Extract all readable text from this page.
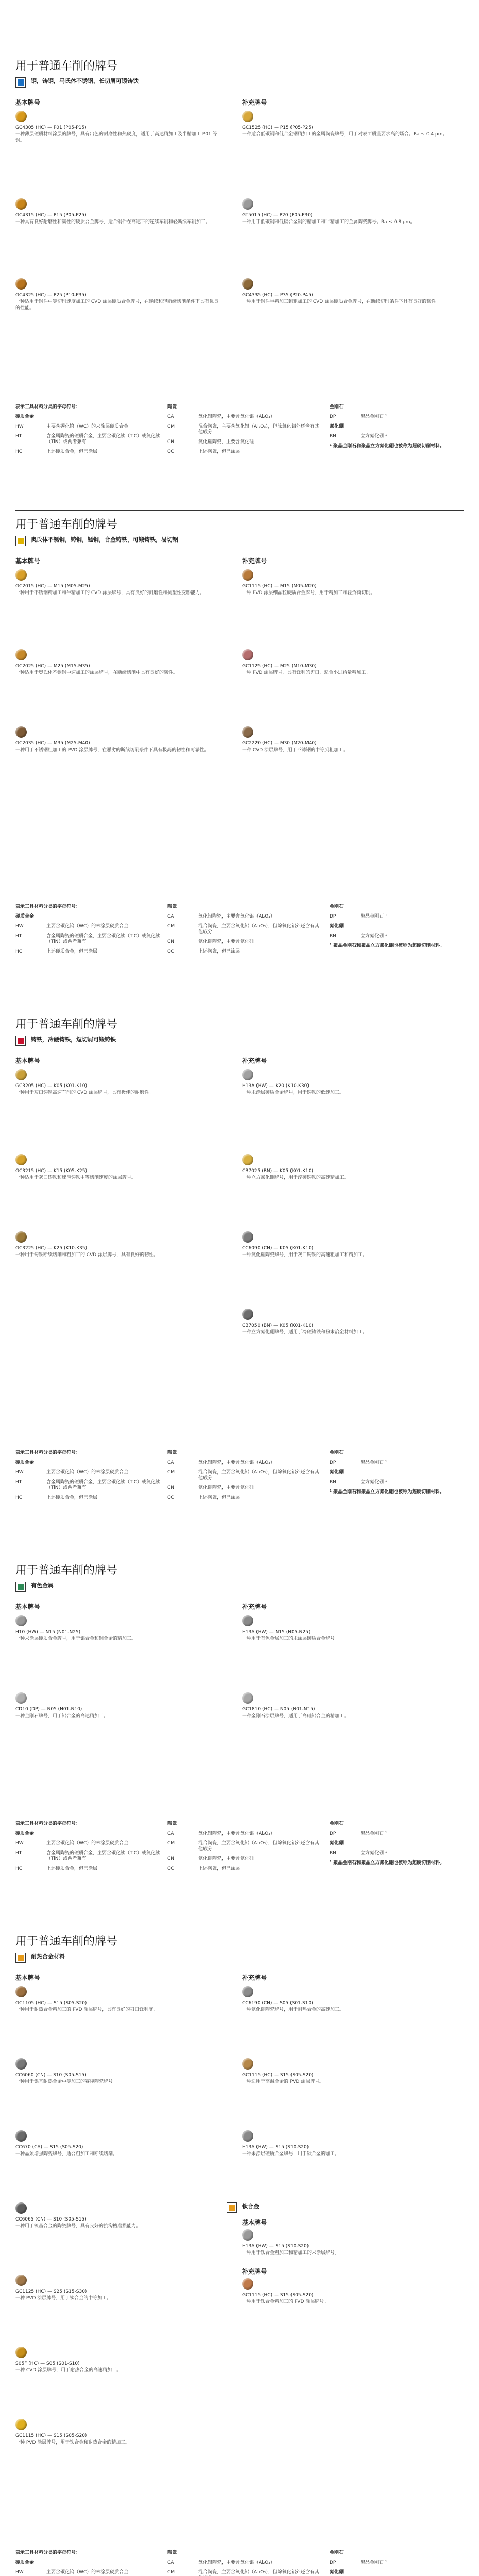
用于普通车削的牌号
钢，铸钢，马氏体不锈钢，长切屑可锻铸铁
基本牌号	补充牌号
GC4305 (HC) — P01 (P05-P15)
一种薄层硬质材料涂层的牌号，具有出色的耐磨性和热硬度，适用于高速精加工及半精加工 P01 等钢。
GC1525 (HC) — P15 (P05-P25)
一种适合低碳钢和低合金钢精加工的金属陶瓷牌号，用于对表面质量要求高的场合。Ra ≤ 0.4 µm。
GC4315 (HC) — P15 (P05-P25)
一种具有良好耐磨性和韧性的硬质合金牌号，适合钢件在高速下的连续车削和轻断续车削加工。
GT5015 (HC) — P20 (P05-P30)
一种用于低碳钢和低碳合金钢的精加工和半精加工的金属陶瓷牌号。Ra ≤ 0.8 µm。
GC4325 (HC) — P25 (P10-P35)
一种适用于钢件中等切削速度加工的 CVD 涂层硬质合金牌号，在连续和轻断续切削条件下具有优良的性能。
GC4335 (HC) — P35 (P20-P45)
一种用于钢件半精加工到粗加工的 CVD 涂层硬质合金牌号，在断续切削条件下具有良好的韧性。
表示工具材料分类的字母符号：
硬质合金
HW	主要含碳化钨（WC）的未涂层硬质合金
HT	含金属陶瓷的硬质合金，主要含碳化钛（TiC）或氮化钛（TiN）或两者兼有
HC	上述硬质合金，但已涂层
陶瓷
CA	氧化铝陶瓷，主要含氧化铝（Al₂O₃）
CM	混合陶瓷，主要含氧化铝（Al₂O₃），但除氧化铝外还含有其他成分
CN	氮化硅陶瓷，主要含氮化硅
CC	上述陶瓷，但已涂层
金刚石
DP	聚晶金刚石 ¹
氮化硼
BN	立方氮化硼 ¹
¹ 聚晶金刚石和聚晶立方氮化硼也被称为超硬切削材料。
用于普通车削的牌号
奥氏体不锈钢，铸钢，锰钢，合金铸铁，可锻铸铁，易切钢
基本牌号	补充牌号
GC2015 (HC) — M15 (M05-M25)
一种用于不锈钢精加工和半精加工的 CVD 涂层牌号，具有良好的耐磨性和抗塑性变形能力。
GC1115 (HC) — M15 (M05-M20)
一种 PVD 涂层细晶粒硬质合金牌号，用于精加工和轻负荷切削。
GC2025 (HC) — M25 (M15-M35)
一种适用于奥氏体不锈钢中速加工的涂层牌号，在断续切削中具有良好的韧性。
GC1125 (HC) — M25 (M10-M30)
一种 PVD 涂层牌号，具有锋利的刃口，适合小进给量精加工。
GC2035 (HC) — M35 (M25-M40)
一种用于不锈钢粗加工的 PVD 涂层牌号，在恶劣的断续切削条件下具有极高的韧性和可靠性。
GC2220 (HC) — M30 (M20-M40)
一种 CVD 涂层牌号，用于不锈钢的中等到粗加工。
表示工具材料分类的字母符号：
硬质合金
HW	主要含碳化钨（WC）的未涂层硬质合金
HT	含金属陶瓷的硬质合金，主要含碳化钛（TiC）或氮化钛（TiN）或两者兼有
HC	上述硬质合金，但已涂层
陶瓷
CA	氧化铝陶瓷，主要含氧化铝（Al₂O₃）
CM	混合陶瓷，主要含氧化铝（Al₂O₃），但除氧化铝外还含有其他成分
CN	氮化硅陶瓷，主要含氮化硅
CC	上述陶瓷，但已涂层
金刚石
DP	聚晶金刚石 ¹
氮化硼
BN	立方氮化硼 ¹
¹ 聚晶金刚石和聚晶立方氮化硼也被称为超硬切削材料。
用于普通车削的牌号
铸铁，冷硬铸铁，短切屑可锻铸铁
基本牌号	补充牌号
GC3205 (HC) — K05 (K01-K10)
一种用于灰口铸铁高速车削的 CVD 涂层牌号，具有极佳的耐磨性。
H13A (HW) — K20 (K10-K30)
一种未涂层硬质合金牌号，用于铸铁的低速加工。
GC3215 (HC) — K15 (K05-K25)
一种适用于灰口铸铁和球墨铸铁中等切削速度的涂层牌号。
CB7025 (BN) — K05 (K01-K10)
一种立方氮化硼牌号，用于淬硬铸铁的高速精加工。
GC3225 (HC) — K25 (K10-K35)
一种用于铸铁断续切削和粗加工的 CVD 涂层牌号，具有良好的韧性。
CC6090 (CN) — K05 (K01-K10)
一种氮化硅陶瓷牌号，用于灰口铸铁的高速粗加工和精加工。
CB7050 (BN) — K05 (K01-K10)
一种立方氮化硼牌号，适用于冷硬铸铁和粉末冶金材料加工。
表示工具材料分类的字母符号：
硬质合金
HW	主要含碳化钨（WC）的未涂层硬质合金
HT	含金属陶瓷的硬质合金，主要含碳化钛（TiC）或氮化钛（TiN）或两者兼有
HC	上述硬质合金，但已涂层
陶瓷
CA	氧化铝陶瓷，主要含氧化铝（Al₂O₃）
CM	混合陶瓷，主要含氧化铝（Al₂O₃），但除氧化铝外还含有其他成分
CN	氮化硅陶瓷，主要含氮化硅
CC	上述陶瓷，但已涂层
金刚石
DP	聚晶金刚石 ¹
氮化硼
BN	立方氮化硼 ¹
¹ 聚晶金刚石和聚晶立方氮化硼也被称为超硬切削材料。
用于普通车削的牌号
有色金属
基本牌号	补充牌号
H10 (HW) — N15 (N01-N25)
一种未涂层硬质合金牌号，用于铝合金和铜合金的精加工。
H13A (HW) — N15 (N05-N25)
一种用于有色金属加工的未涂层硬质合金牌号。
CD10 (DP) — N05 (N01-N10)
一种金刚石牌号，用于铝合金的高速精加工。
GC1810 (HC) — N05 (N01-N15)
一种金刚石涂层牌号，适用于高硅铝合金的精加工。
表示工具材料分类的字母符号：
硬质合金
HW	主要含碳化钨（WC）的未涂层硬质合金
HT	含金属陶瓷的硬质合金，主要含碳化钛（TiC）或氮化钛（TiN）或两者兼有
HC	上述硬质合金，但已涂层
陶瓷
CA	氧化铝陶瓷，主要含氧化铝（Al₂O₃）
CM	混合陶瓷，主要含氧化铝（Al₂O₃），但除氧化铝外还含有其他成分
CN	氮化硅陶瓷，主要含氮化硅
CC	上述陶瓷，但已涂层
金刚石
DP	聚晶金刚石 ¹
氮化硼
BN	立方氮化硼 ¹
¹ 聚晶金刚石和聚晶立方氮化硼也被称为超硬切削材料。
用于普通车削的牌号
耐热合金材料
基本牌号	补充牌号
GC1105 (HC) — S15 (S05-S20)
一种用于耐热合金精加工的 PVD 涂层牌号，具有良好的刃口锋利度。
CC6190 (CN) — S05 (S01-S10)
一种氮化硅陶瓷牌号，用于耐热合金的高速加工。
CC6060 (CN) — S10 (S05-S15)
一种用于镍基耐热合金中等加工的赛隆陶瓷牌号。
GC1115 (HC) — S15 (S05-S20)
一种适用于高温合金的 PVD 涂层牌号。
CC670 (CA) — S15 (S05-S20)
一种晶须增强陶瓷牌号，适合粗加工和断续切削。
H13A (HW) — S15 (S10-S20)
一种未涂层硬质合金牌号，用于钛合金的加工。
CC6065 (CN) — S10 (S05-S15)
一种用于镍基合金的陶瓷牌号，具有良好的抗沟槽磨损能力。
GC1125 (HC) — S25 (S15-S30)
一种 PVD 涂层牌号，用于钛合金的中等加工。
S05F (HC) — S05 (S01-S10)
一种 CVD 涂层牌号，用于耐热合金的高速精加工。
GC1115 (HC) — S15 (S05-S20)
一种 PVD 涂层牌号，用于钛合金和耐热合金的精加工。
钛合金
基本牌号
H13A (HW) — S15 (S10-S20)
一种用于钛合金粗加工和精加工的未涂层牌号。
补充牌号
GC1115 (HC) — S15 (S05-S20)
一种用于钛合金精加工的 PVD 涂层牌号。
表示工具材料分类的字母符号：
硬质合金
HW	主要含碳化钨（WC）的未涂层硬质合金
陶瓷
CA	氧化铝陶瓷，主要含氧化铝（Al₂O₃）
CM	混合陶瓷，主要含氧化铝（Al₂O₃），但除氧化铝外还含有其
金刚石
DP	聚晶金刚石 ¹
氮化硼
